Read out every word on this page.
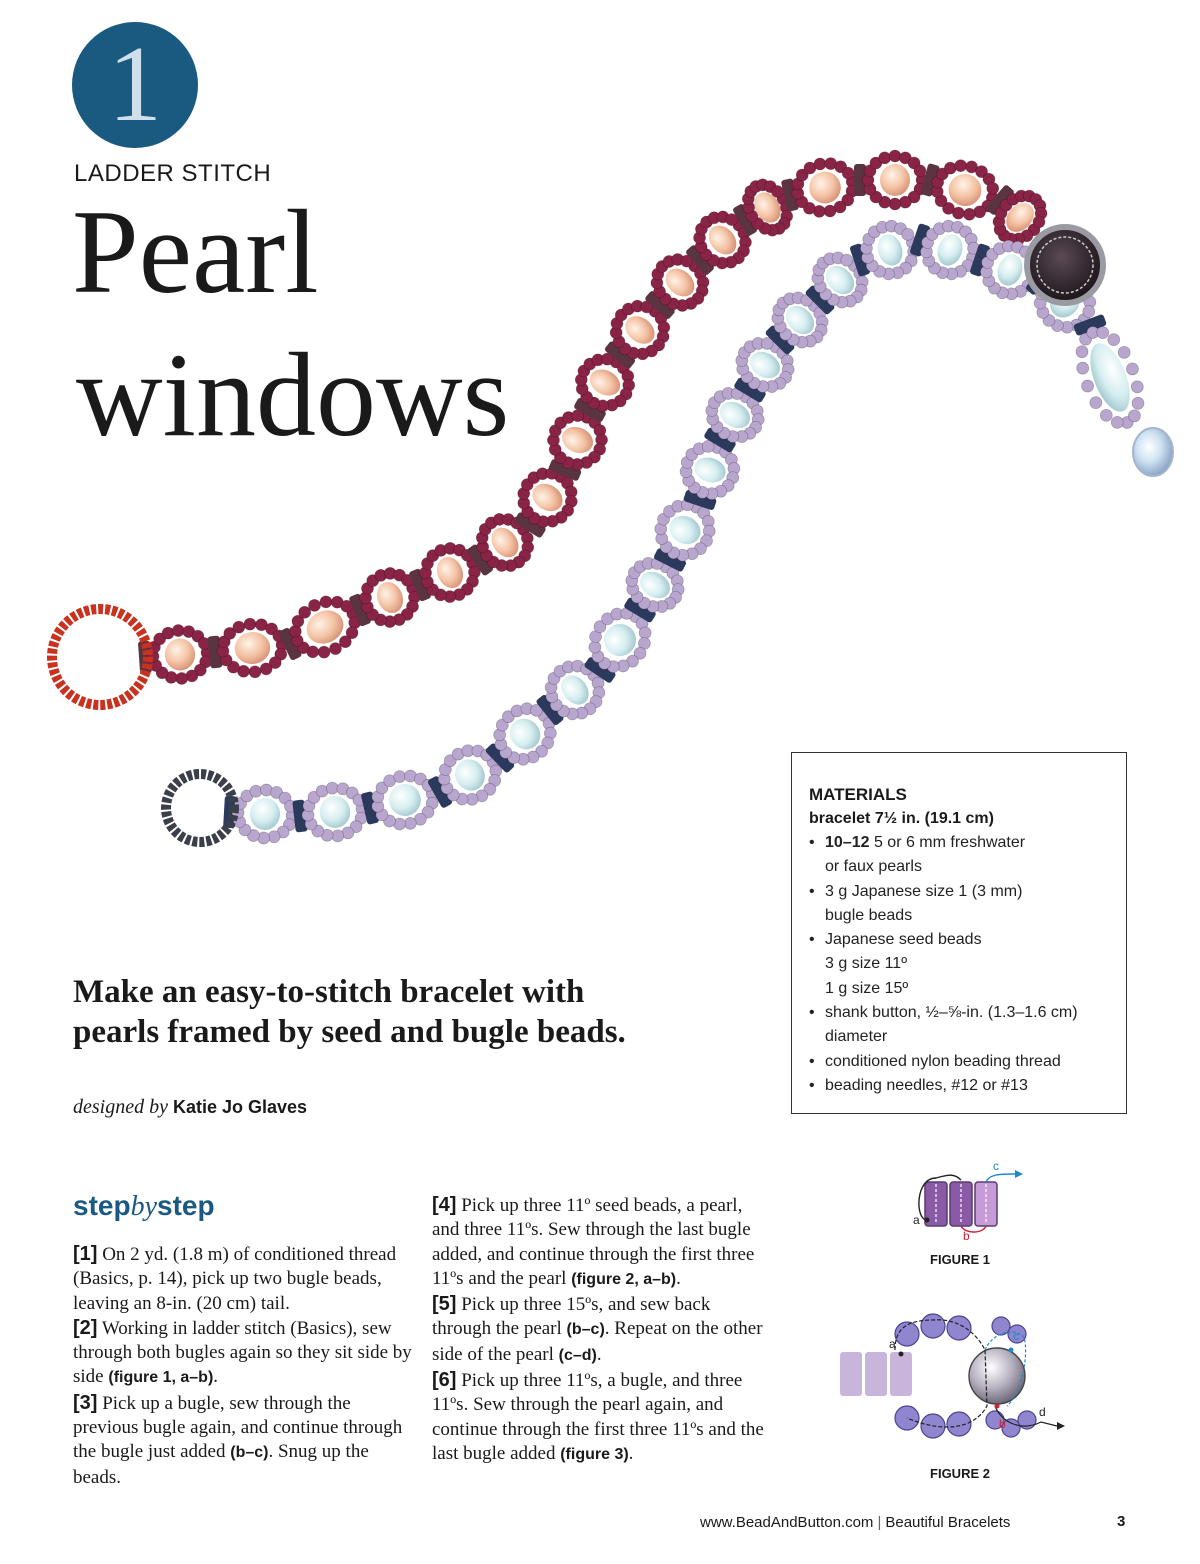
1
LADDER STITCH
Pearl
windows
MATERIALS
bracelet 7½ in. (19.1 cm)
• 10–12 5 or 6 mm freshwater
or faux pearls
• 3 g Japanese size 1 (3 mm)
bugle beads
• Japanese seed beads
3 g size 11º
1 g size 15º
• shank button, ½–⅝-in. (1.3–1.6 cm)
diameter
• conditioned nylon beading thread
• beading needles, #12 or #13
Make an easy-to-stitch bracelet with
pearls framed by seed and bugle beads.
designed by Katie Jo Glaves
stepbystep

[1] On 2 yd. (1.8 m) of conditioned thread (Basics, p. 14), pick up two bugle beads, leaving an 8-in. (20 cm) tail.

[2] Working in ladder stitch (Basics), sew through both bugles again so they sit side by side (figure 1, a–b).

[3] Pick up a bugle, sew through the previous bugle again, and continue through the bugle just added (b–c). Snug up the beads.

[4] Pick up three 11º seed beads, a pearl, and three 11ºs. Sew through the last bugle added, and continue through the first three 11ºs and the pearl (figure 2, a–b).

[5] Pick up three 15ºs, and sew back through the pearl (b–c). Repeat on the other side of the pearl (c–d).

[6] Pick up three 11ºs, a bugle, and three 11ºs. Sew through the pearl again, and continue through the first three 11ºs and the last bugle added (figure 3).

a
b
c
FIGURE 1
a
b
c
d
FIGURE 2
www.BeadAndButton.com | Beautiful Bracelets	3
